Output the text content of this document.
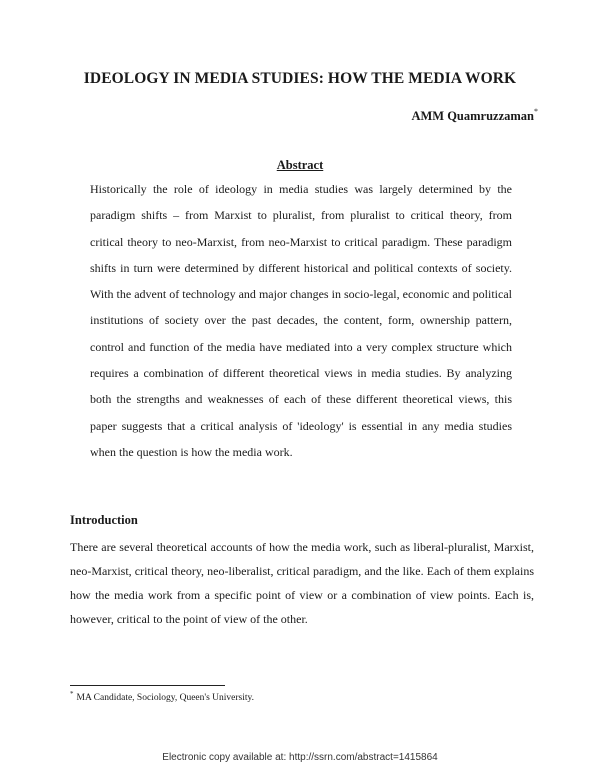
IDEOLOGY IN MEDIA STUDIES: HOW THE MEDIA WORK
AMM Quamruzzaman*
Abstract

Historically the role of ideology in media studies was largely determined by the paradigm shifts – from Marxist to pluralist, from pluralist to critical theory, from critical theory to neo-Marxist, from neo-Marxist to critical paradigm. These paradigm shifts in turn were determined by different historical and political contexts of society. With the advent of technology and major changes in socio-legal, economic and political institutions of society over the past decades, the content, form, ownership pattern, control and function of the media have mediated into a very complex structure which requires a combination of different theoretical views in media studies. By analyzing both the strengths and weaknesses of each of these different theoretical views, this paper suggests that a critical analysis of 'ideology' is essential in any media studies when the question is how the media work.

Introduction

There are several theoretical accounts of how the media work, such as liberal-pluralist, Marxist, neo-Marxist, critical theory, neo-liberalist, critical paradigm, and the like. Each of them explains how the media work from a specific point of view or a combination of view points. Each is, however, critical to the point of view of the other.

* MA Candidate, Sociology, Queen's University.
Electronic copy available at: http://ssrn.com/abstract=1415864
